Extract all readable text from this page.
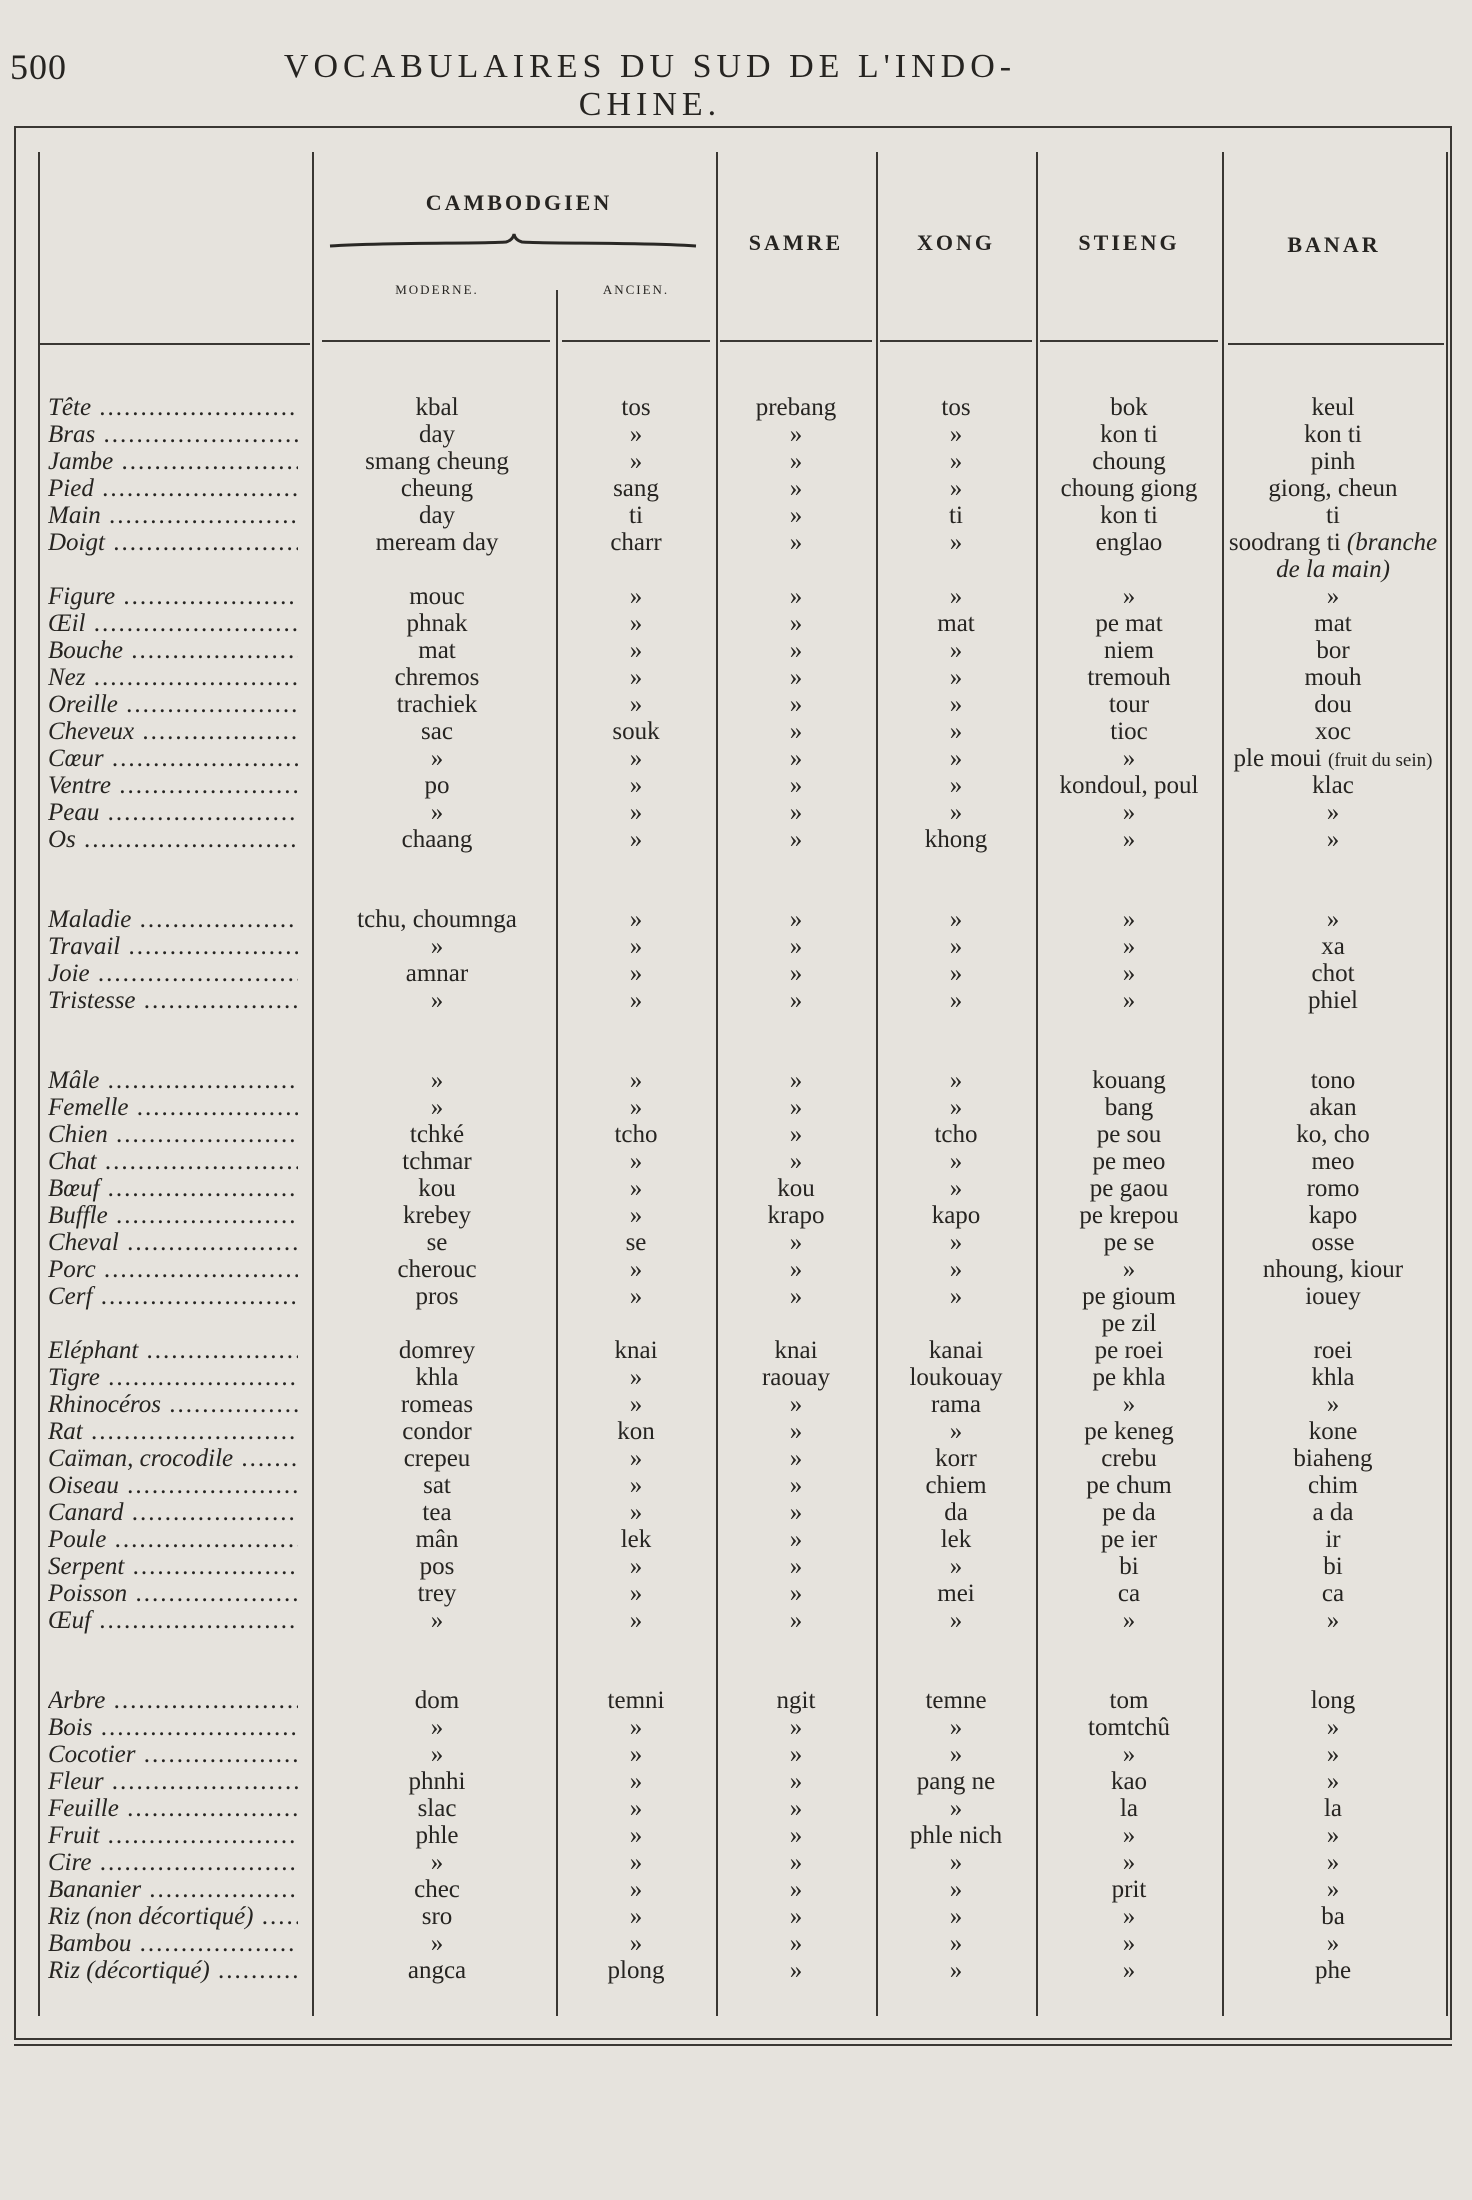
500	VOCABULAIRES DU SUD DE L'INDO-CHINE.
CAMBODGIEN
MODERNE.	ANCIEN.
SAMRE	XONG	STIENG	BANAR
Tête .....	kbal	tos	prebang	tos	bok	keul
Bras .....	day	»	»	»	kon ti	kon ti
Jambe .....	smang cheung	»	»	»	choung	pinh
Pied .....	cheung	sang	»	»	choung giong	giong, cheun
Main .....	day	ti	»	ti	kon ti	ti
Doigt .....	meream day	charr	»	»	englao	soodrang ti (branche
de la main)
Figure .....	mouc	»	»	»	»	»
Œil .....	phnak	»	»	mat	pe mat	mat
Bouche .....	mat	»	»	»	niem	bor
Nez .....	chremos	»	»	»	tremouh	mouh
Oreille .....	trachiek	»	»	»	tour	dou
Cheveux .....	sac	souk	»	»	tioc	xoc
Cœur .....	»	»	»	»	»	ple moui (fruit du sein)
Ventre .....	po	»	»	»	kondoul, poul	klac
Peau .....	»	»	»	»	»	»
Os .....	chaang	»	»	khong	»	»
Maladie .....	tchu, choumnga	»	»	»	»	»
Travail .....	»	»	»	»	»	xa
Joie .....	amnar	»	»	»	»	chot
Tristesse .....	»	»	»	»	»	phiel
Mâle .....	»	»	»	»	kouang	tono
Femelle .....	»	»	»	»	bang	akan
Chien .....	tchké	tcho	»	tcho	pe sou	ko, cho
Chat .....	tchmar	»	»	»	pe meo	meo
Bœuf .....	kou	»	kou	»	pe gaou	romo
Buffle .....	krebey	»	krapo	kapo	pe krepou	kapo
Cheval .....	se	se	»	»	pe se	osse
Porc .....	cherouc	»	»	»	»	nhoung, kiour
Cerf .....	pros	»	»	»	pe gioum	iouey
pe zil
Eléphant .....	domrey	knai	knai	kanai	pe roei	roei
Tigre .....	khla	»	raouay	loukouay	pe khla	khla
Rhinocéros .....	romeas	»	»	rama	»	»
Rat .....	condor	kon	»	»	pe keneg	kone
Caïman, crocodile .....	crepeu	»	»	korr	crebu	biaheng
Oiseau .....	sat	»	»	chiem	pe chum	chim
Canard .....	tea	»	»	da	pe da	a da
Poule .....	mân	lek	»	lek	pe ier	ir
Serpent .....	pos	»	»	»	bi	bi
Poisson .....	trey	»	»	mei	ca	ca
Œuf .....	»	»	»	»	»	»
Arbre .....	dom	temni	ngit	temne	tom	long
Bois .....	»	»	»	»	tomtchû	»
Cocotier .....	»	»	»	»	»	»
Fleur .....	phnhi	»	»	pang ne	kao	»
Feuille .....	slac	»	»	»	la	la
Fruit .....	phle	»	»	phle nich	»	»
Cire .....	»	»	»	»	»	»
Bananier .....	chec	»	»	»	prit	»
Riz (non décortiqué) .....	sro	»	»	»	»	ba
Bambou .....	»	»	»	»	»	»
Riz (décortiqué) .....	angca	plong	»	»	»	phe
